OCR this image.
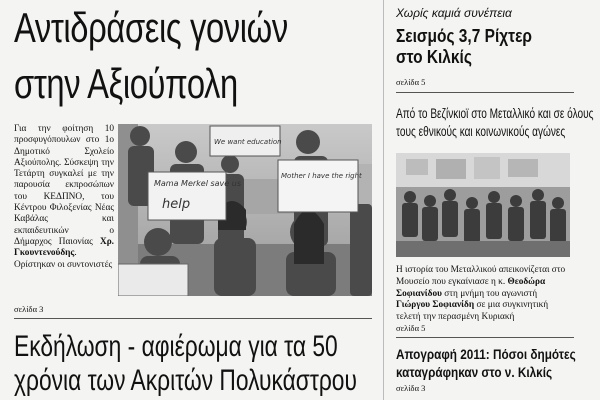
Αντιδράσεις γονιών
στην Αξιούπολη
Για την φοίτηση 10 προσφυγόπουλων στο 1ο Δημοτικό Σχολείο Αξιούπολης. Σύσκεψη την Τετάρτη συγκαλεί με την παρουσία εκπροσώπων του ΚΕΔΠΝΟ, του Κέντρου Φιλοξενίας Νέας Καβάλας και εκπαιδευτικών ο Δήμαρχος Παιονίας Χρ. Γκουντενούδης. Ορίστηκαν οι συντονιστές
Mama Merkel save us
help
Mother I have the right
We want education
σελίδα 3
Εκδήλωση - αφιέρωμα για τα 50
χρόνια των Ακριτών Πολυκάστρου
Χωρίς καμιά συνέπεια
Σεισμός 3,7 Ρίχτερ
στο Κιλκίς
σελίδα 5
Από το Βεζίνκιοϊ στο Μεταλλικό και σε όλους
τους εθνικούς και κοινωνικούς αγώνες
Η ιστορία του Μεταλλικού απεικονίζεται στο Μουσείο που εγκαίνιασε η κ. Θεοδώρα Σοφιανίδου στη μνήμη του αγωνιστή Γιώργου Σοφιανίδη σε μια συγκινητική τελετή την περασμένη Κυριακή
σελίδα 5
Απογραφή 2011: Πόσοι δημότες
καταγράφηκαν στο ν. Κιλκίς
σελίδα 3
